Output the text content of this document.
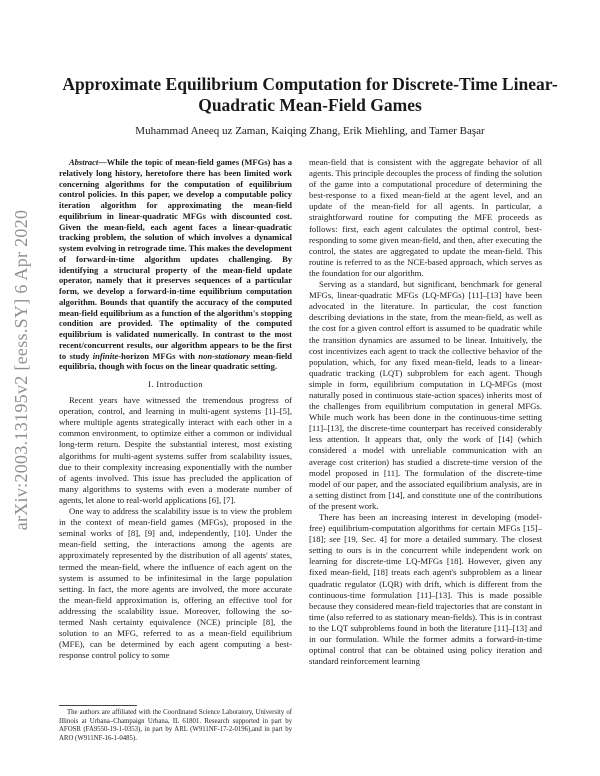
Approximate Equilibrium Computation for Discrete-Time Linear-Quadratic Mean-Field Games
Muhammad Aneeq uz Zaman, Kaiqing Zhang, Erik Miehling, and Tamer Başar
arXiv:2003.13195v2 [eess.SY] 6 Apr 2020

Abstract—While the topic of mean-field games (MFGs) has a relatively long history, heretofore there has been limited work concerning algorithms for the computation of equilibrium control policies. In this paper, we develop a computable policy iteration algorithm for approximating the mean-field equilibrium in linear-quadratic MFGs with discounted cost. Given the mean-field, each agent faces a linear-quadratic tracking problem, the solution of which involves a dynamical system evolving in retrograde time. This makes the development of forward-in-time algorithm updates challenging. By identifying a structural property of the mean-field update operator, namely that it preserves sequences of a particular form, we develop a forward-in-time equilibrium computation algorithm. Bounds that quantify the accuracy of the computed mean-field equilibrium as a function of the algorithm's stopping condition are provided. The optimality of the computed equilibrium is validated numerically. In contrast to the most recent/concurrent results, our algorithm appears to be the first to study infinite-horizon MFGs with non-stationary mean-field equilibria, though with focus on the linear quadratic setting.

I. Introduction

Recent years have witnessed the tremendous progress of operation, control, and learning in multi-agent systems [1]–[5], where multiple agents strategically interact with each other in a common environment, to optimize either a common or individual long-term return. Despite the substantial interest, most existing algorithms for multi-agent systems suffer from scalability issues, due to their complexity increasing exponentially with the number of agents involved. This issue has precluded the application of many algorithms to systems with even a moderate number of agents, let alone to real-world applications [6], [7].

One way to address the scalability issue is to view the problem in the context of mean-field games (MFGs), proposed in the seminal works of [8], [9] and, independently, [10]. Under the mean-field setting, the interactions among the agents are approximately represented by the distribution of all agents' states, termed the mean-field, where the influence of each agent on the system is assumed to be infinitesimal in the large population setting. In fact, the more agents are involved, the more accurate the mean-field approximation is, offering an effective tool for addressing the scalability issue. Moreover, following the so-termed Nash certainty equivalence (NCE) principle [8], the solution to an MFG, referred to as a mean-field equilibrium (MFE), can be determined by each agent computing a best-response control policy to some

mean-field that is consistent with the aggregate behavior of all agents. This principle decouples the process of finding the solution of the game into a computational procedure of determining the best-response to a fixed mean-field at the agent level, and an update of the mean-field for all agents. In particular, a straightforward routine for computing the MFE proceeds as follows: first, each agent calculates the optimal control, best-responding to some given mean-field, and then, after executing the control, the states are aggregated to update the mean-field. This routine is referred to as the NCE-based approach, which serves as the foundation for our algorithm.

Serving as a standard, but significant, benchmark for general MFGs, linear-quadratic MFGs (LQ-MFGs) [11]–[13] have been advocated in the literature. In particular, the cost function describing deviations in the state, from the mean-field, as well as the cost for a given control effort is assumed to be quadratic while the transition dynamics are assumed to be linear. Intuitively, the cost incentivizes each agent to track the collective behavior of the population, which, for any fixed mean-field, leads to a linear-quadratic tracking (LQT) subproblem for each agent. Though simple in form, equilibrium computation in LQ-MFGs (most naturally posed in continuous state-action spaces) inherits most of the challenges from equilibrium computation in general MFGs. While much work has been done in the continuous-time setting [11]–[13], the discrete-time counterpart has received considerably less attention. It appears that, only the work of [14] (which considered a model with unreliable communication with an average cost criterion) has studied a discrete-time version of the model proposed in [11]. The formulation of the discrete-time model of our paper, and the associated equilibrium analysis, are in a setting distinct from [14], and constitute one of the contributions of the present work.

There has been an increasing interest in developing (model-free) equilibrium-computation algorithms for certain MFGs [15]–[18]; see [19, Sec. 4] for more a detailed summary. The closest setting to ours is in the concurrent while independent work on learning for discrete-time LQ-MFGs [18]. However, given any fixed mean-field, [18] treats each agent's subproblem as a linear quadratic regulator (LQR) with drift, which is different from the continuous-time formulation [11]–[13]. This is made possible because they considered mean-field trajectories that are constant in time (also referred to as stationary mean-fields). This is in contrast to the LQT subproblems found in both the literature [11]–[13] and in our formulation. While the former admits a forward-in-time optimal control that can be obtained using policy iteration and standard reinforcement learning

The authors are affiliated with the Coordinated Science Laboratory, University of Illinois at Urbana–Champaign Urbana, IL 61801. Research supported in part by AFOSR (FA9550-19-1-0353), in part by ARL (W911NF-17-2-0196),and in part by ARO (W911NF-16-1-0485).
